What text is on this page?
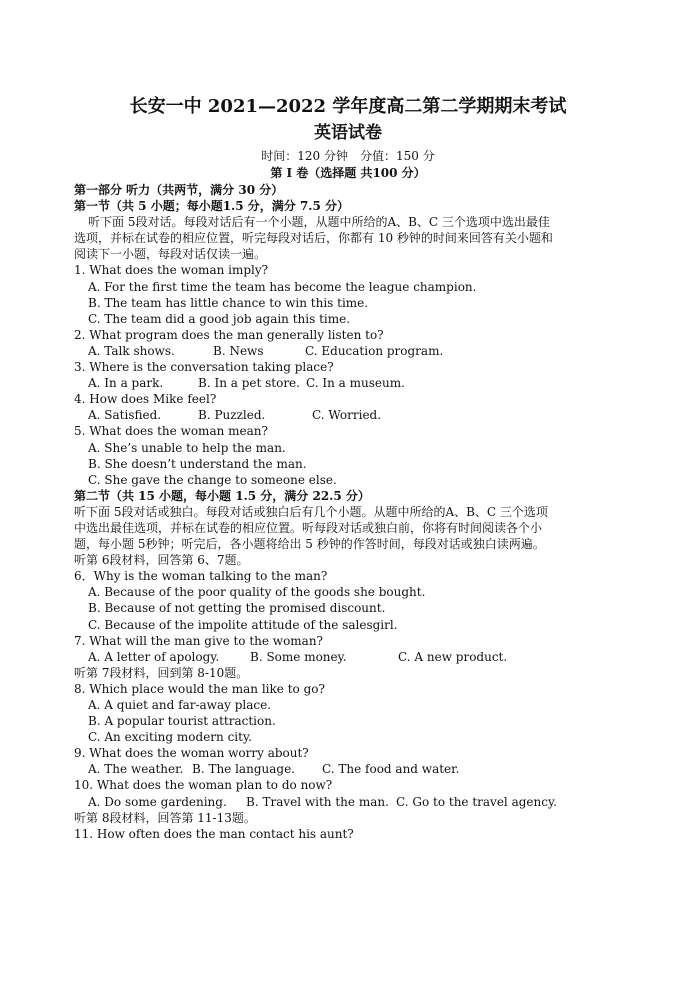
长安一中 2021—2022 学年度高二第二学期期末考试
英语试卷
时间：120 分钟　分值：150 分
第 I 卷（选择题 共100 分）
第一部分 听力（共两节，满分 30 分）
第一节（共 5 小题；每小题1.5 分，满分 7.5 分）
听下面 5段对话。每段对话后有一个小题，从题中所给的A、B、C 三个选项中选出最佳
选项，并标在试卷的相应位置，听完每段对话后，你都有 10 秒钟的时间来回答有关小题和
阅读下一小题，每段对话仅读一遍。
1. What does the woman imply?
A. For the first time the team has become the league champion.
B. The team has little chance to win this time.
C. The team did a good job again this time.
2. What program does the man generally listen to?
A. Talk shows.	B. News	C. Education program.
3. Where is the conversation taking place?
A. In a park.	B. In a pet store. C. In a museum.
4. How does Mike feel?
A. Satisfied.	B. Puzzled.	C. Worried.
5. What does the woman mean?
A. She’s unable to help the man.
B. She doesn’t understand the man.
C. She gave the change to someone else.
第二节（共 15 小题，每小题 1.5 分，满分 22.5 分）
听下面 5段对话或独白。每段对话或独白后有几个小题。从题中所给的A、B、C 三个选项
中选出最佳选项，并标在试卷的相应位置。听每段对话或独白前，你将有时间阅读各个小
题，每小题 5秒钟；听完后，各小题将给出 5 秒钟的作答时间，每段对话或独白读两遍。
听第 6段材料，回答第 6、7题。
6．Why is the woman talking to the man?
A. Because of the poor quality of the goods she bought.
B. Because of not getting the promised discount.
C. Because of the impolite attitude of the salesgirl.
7. What will the man give to the woman?
A. A letter of apology.	B. Some money.	C. A new product.
听第 7段材料，回到第 8-10题。
8. Which place would the man like to go?
A. A quiet and far-away place.
B. A popular tourist attraction.
C. An exciting modern city.
9. What does the woman worry about?
A. The weather. B. The language. C. The food and water.
10. What does the woman plan to do now?
A. Do some gardening. B. Travel with the man. C. Go to the travel agency.
听第 8段材料，回答第 11-13题。
11. How often does the man contact his aunt?
